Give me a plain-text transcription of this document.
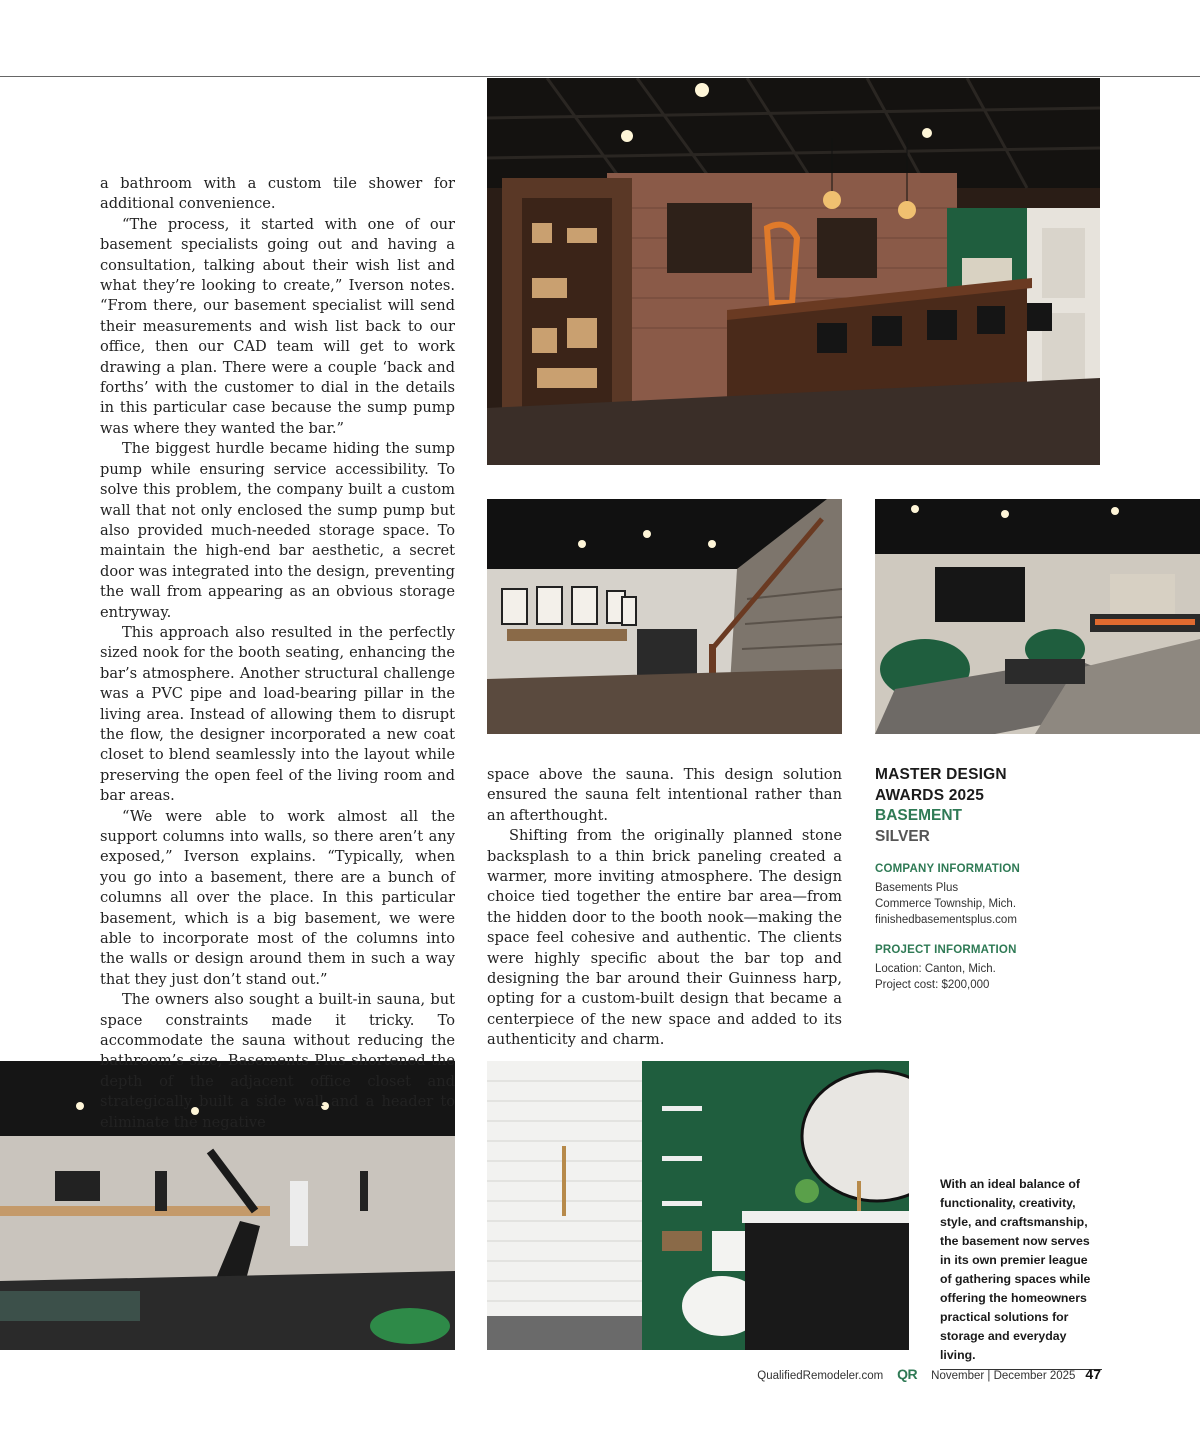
a bathroom with a custom tile shower for additional convenience.

“The process, it started with one of our basement specialists going out and having a consultation, talking about their wish list and what they’re looking to create,” Iverson notes. “From there, our basement specialist will send their measurements and wish list back to our office, then our CAD team will get to work drawing a plan. There were a couple ‘back and forths’ with the customer to dial in the details in this particular case because the sump pump was where they wanted the bar.”

The biggest hurdle became hiding the sump pump while ensuring service accessibility. To solve this problem, the company built a custom wall that not only enclosed the sump pump but also provided much-needed storage space. To maintain the high-end bar aesthetic, a secret door was integrated into the design, preventing the wall from appearing as an obvious storage entryway.

This approach also resulted in the perfectly sized nook for the booth seating, enhancing the bar’s atmosphere. Another structural challenge was a PVC pipe and load-bearing pillar in the living area. Instead of allowing them to disrupt the flow, the designer incorporated a new coat closet to blend seamlessly into the layout while preserving the open feel of the living room and bar areas.

“We were able to work almost all the support columns into walls, so there aren’t any exposed,” Iverson explains. “Typically, when you go into a basement, there are a bunch of columns all over the place. In this particular basement, which is a big basement, we were able to incorporate most of the columns into the walls or design around them in such a way that they just don’t stand out.”

The owners also sought a built-in sauna, but space constraints made it tricky. To accommodate the sauna without reducing the bathroom’s size, Basements Plus shortened the depth of the adjacent office closet and strategically built a side wall and a header to eliminate the negative

space above the sauna. This design solution ensured the sauna felt intentional rather than an afterthought.

Shifting from the originally planned stone backsplash to a thin brick paneling created a warmer, more inviting atmosphere. The design choice tied together the entire bar area—from the hidden door to the booth nook—making the space feel cohesive and authentic. The clients were highly specific about the bar top and designing the bar around their Guinness harp, opting for a custom-built design that became a centerpiece of the new space and added to its authenticity and charm.

MASTER DESIGN
AWARDS 2025
BASEMENT
SILVER
COMPANY INFORMATION
Basements Plus
Commerce Township, Mich.
finishedbasementsplus.com
PROJECT INFORMATION
Location: Canton, Mich.
Project cost: $200,000
With an ideal balance of functionality, creativity, style, and craftsmanship, the basement now serves in its own premier league of gathering spaces while offering the homeowners practical solutions for storage and everyday living.
QualifiedRemodeler.com QR November | December 2025 47
